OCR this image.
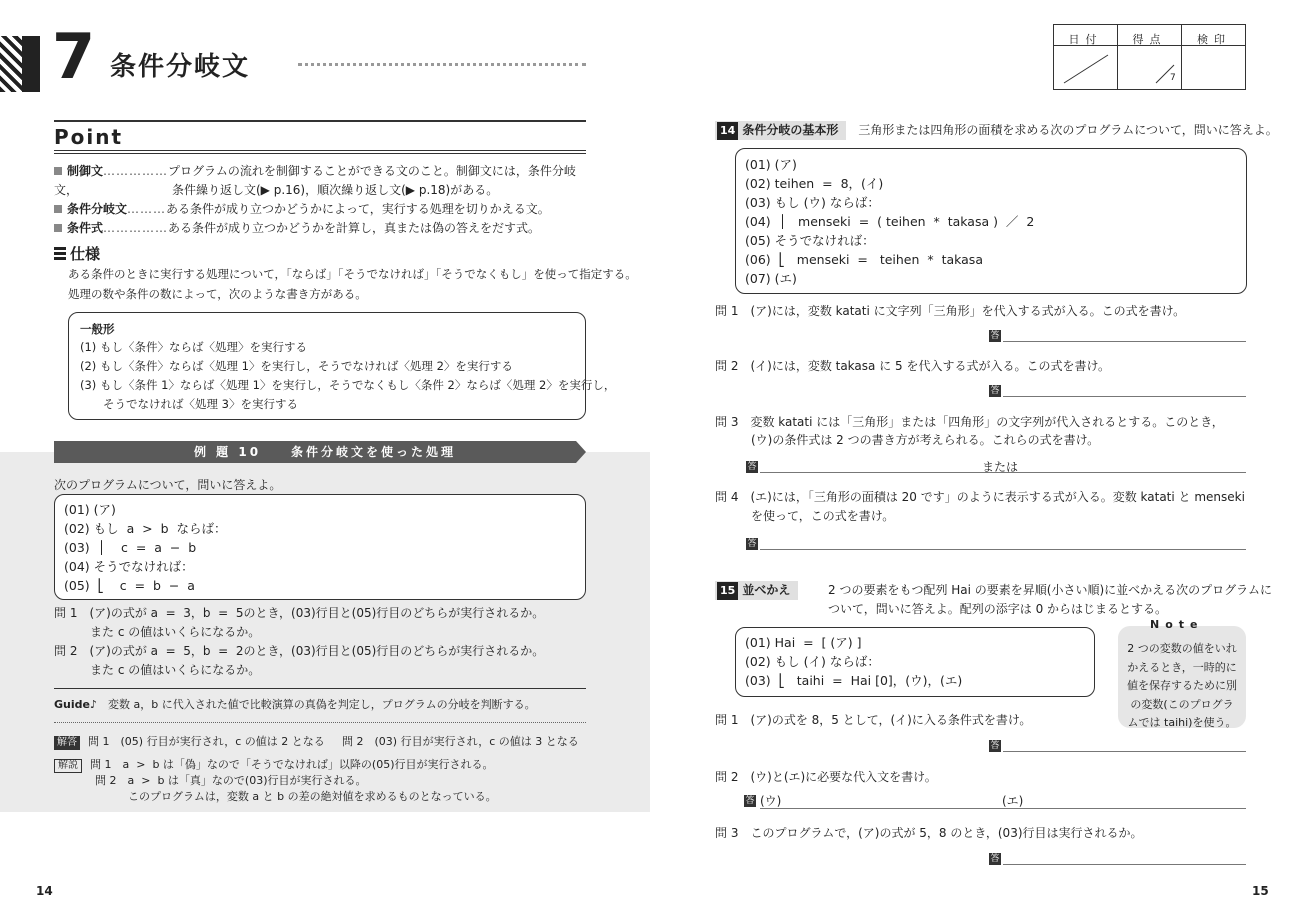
7 条件分岐文
Point
制御文……………プログラムの流れを制御することができる文のこと。制御文には，条件分岐文，	条件繰り返し文(▶ p.16)，順次繰り返し文(▶ p.18)がある。
条件分岐文………ある条件が成り立つかどうかによって，実行する処理を切りかえる文。
条件式……………ある条件が成り立つかどうかを計算し，真または偽の答えをだす式。
仕様
ある条件のときに実行する処理について，「ならば」「そうでなければ」「そうでなくもし」を使って指定する。
処理の数や条件の数によって，次のような書き方がある。
一般形
(1) もし〈条件〉ならば〈処理〉を実行する
(2) もし〈条件〉ならば〈処理 1〉を実行し，そうでなければ〈処理 2〉を実行する
(3) もし〈条件 1〉ならば〈処理 1〉を実行し，そうでなくもし〈条件 2〉ならば〈処理 2〉を実行し，
　　そうでなければ〈処理 3〉を実行する
例 題 10　　条件分岐文を使った処理
次のプログラムについて，問いに答えよ。
(01) (ア)
(02) もし  a  >  b  ならば：
(03)  │    c  =  a  −  b
(04) そうでなければ：
(05)  ⎣    c  =  b  −  a
問 1　(ア)の式が a  =  3，b  =  5のとき，(03)行目と(05)行目のどちらが実行されるか。
　　　また c の値はいくらになるか。
問 2　(ア)の式が a  =  5，b  =  2のとき，(03)行目と(05)行目のどちらが実行されるか。
　　　また c の値はいくらになるか。
Guide♪　 変数 a，b に代入された値で比較演算の真偽を判定し，プログラムの分岐を判断する。
解答 問 1　(05) 行目が実行され，c の値は 2 となる 問 2　(03) 行目が実行され，c の値は 3 となる
解説 問 1　a  >  b は「偽」なので「そうでなければ」以降の(05)行目が実行される。
問 2　a  >  b は「真」なので(03)行目が実行される。
　　　このプログラムは，変数 a と b の差の絶対値を求めるものとなっている。
14
日付	得点
7
検印
14 条件分岐の基本形　 三角形または四角形の面積を求める次のプログラムについて，問いに答えよ。
(01) (ア)
(02) teihen  =  8，(イ)
(03) もし (ウ) ならば：
(04)  │   menseki  =  ( teihen  *  takasa )  ／  2
(05) そうでなければ：
(06)  ⎣   menseki  =   teihen  *  takasa
(07) (エ)
問 1　(ア)には，変数 katati に文字列「三角形」を代入する式が入る。この式を書け。
答
問 2　(イ)には，変数 takasa に 5 を代入する式が入る。この式を書け。
答
問 3　変数 katati には「三角形」または「四角形」の文字列が代入されるとする。このとき，
　　　(ウ)の条件式は 2 つの書き方が考えられる。これらの式を書け。
答	または
問 4　(エ)には，「三角形の面積は 20 です」のように表示する式が入る。変数 katati と menseki
　　　を使って，この式を書け。
答
15 並べかえ	2 つの要素をもつ配列 Hai の要素を昇順(小さい順)に並べかえる次のプログラムに
ついて，問いに答えよ。配列の添字は 0 からはじまるとする。
(01) Hai  =  [ (ア) ]
(02) もし (イ) ならば：
(03)  ⎣   taihi  =  Hai [0]，(ウ)，(エ)
2 つの変数の値をいれかえるとき，一時的に値を保存するために別の変数(このプログラムでは taihi)を使う。
Note
問 1　(ア)の式を 8，5 として，(イ)に入る条件式を書け。
答
問 2　(ウ)と(エ)に必要な代入文を書け。
答 (ウ)	(エ)
問 3　このプログラムで，(ア)の式が 5，8 のとき，(03)行目は実行されるか。
答
15
